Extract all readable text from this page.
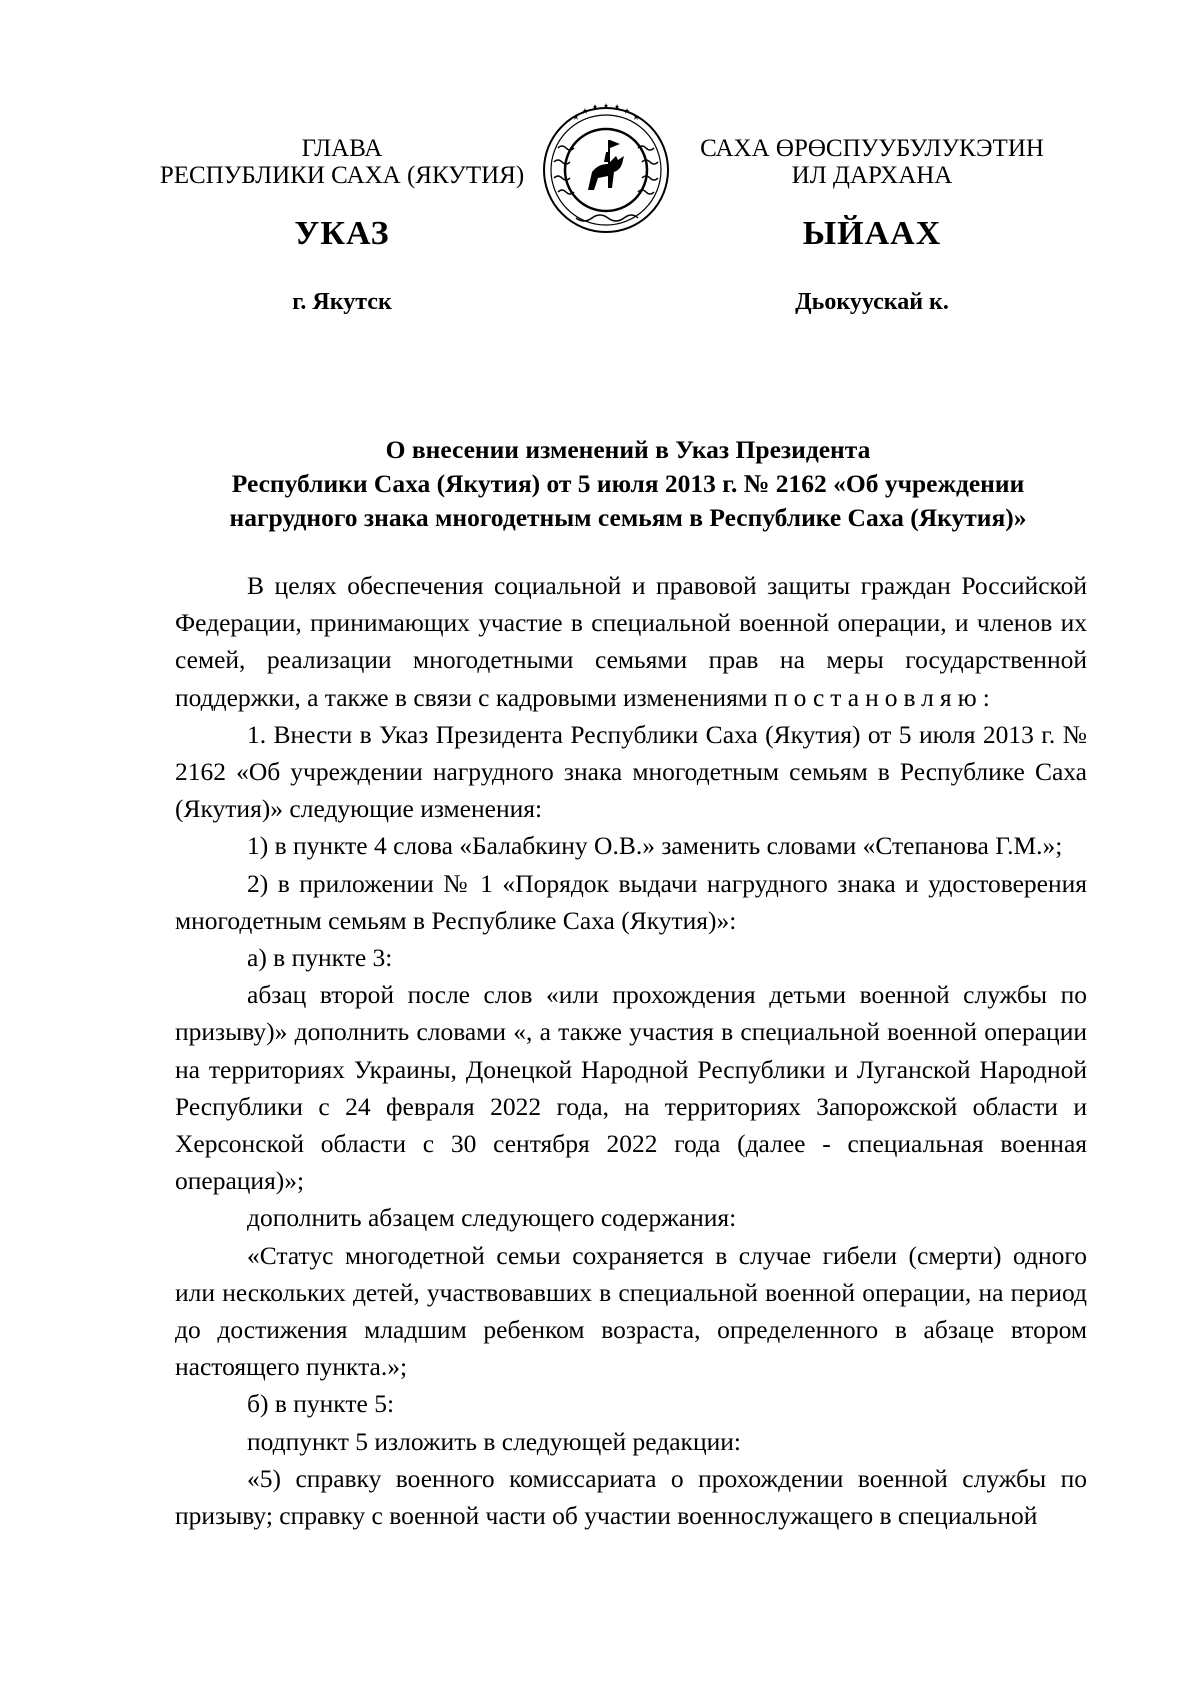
ГЛАВА
РЕСПУБЛИКИ САХА (ЯКУТИЯ)
УКАЗ
г. Якутск
САХА ӨРӨСПУУБУЛУКЭТИН
ИЛ ДАРХАНА
ЫЙААХ
Дьокуускай к.
О внесении изменений в Указ Президента
Республики Саха (Якутия) от 5 июля 2013 г. № 2162 «Об учреждении
нагрудного знака многодетным семьям в Республике Саха (Якутия)»

В целях обеспечения социальной и правовой защиты граждан Российской Федерации, принимающих участие в специальной военной операции, и членов их семей, реализации многодетными семьями прав на меры государственной поддержки, а также в связи с кадровыми изменениями постановляю:

1. Внести в Указ Президента Республики Саха (Якутия) от 5 июля 2013 г. № 2162 «Об учреждении нагрудного знака многодетным семьям в Республике Саха (Якутия)» следующие изменения:

1) в пункте 4 слова «Балабкину О.В.» заменить словами «Степанова Г.М.»;

2) в приложении № 1 «Порядок выдачи нагрудного знака и удостоверения многодетным семьям в Республике Саха (Якутия)»:

а) в пункте 3:

абзац второй после слов «или прохождения детьми военной службы по призыву)» дополнить словами «, а также участия в специальной военной операции на территориях Украины, Донецкой Народной Республики и Луганской Народной Республики с 24 февраля 2022 года, на территориях Запорожской области и Херсонской области с 30 сентября 2022 года (далее - специальная военная операция)»;

дополнить абзацем следующего содержания:

«Статус многодетной семьи сохраняется в случае гибели (смерти) одного или нескольких детей, участвовавших в специальной военной операции, на период до достижения младшим ребенком возраста, определенного в абзаце втором настоящего пункта.»;

б) в пункте 5:

подпункт 5 изложить в следующей редакции:

«5) справку военного комиссариата о прохождении военной службы по призыву; справку с военной части об участии военнослужащего в специальной
